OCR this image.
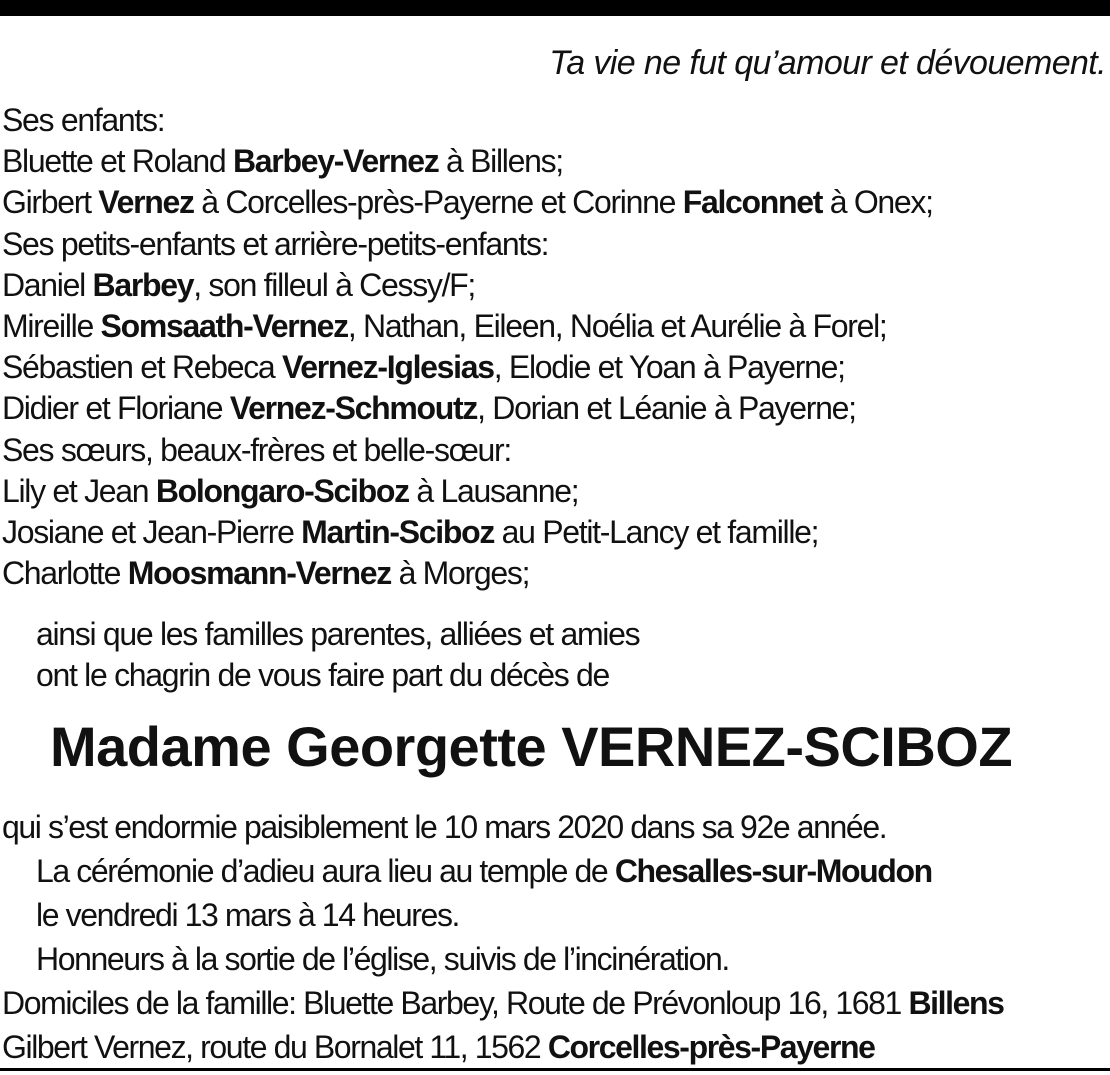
Ta vie ne fut qu’amour et dévouement.
Ses enfants:
Bluette et Roland Barbey-Vernez à Billens;
Girbert Vernez à Corcelles-près-Payerne et Corinne Falconnet à Onex;
Ses petits-enfants et arrière-petits-enfants:
Daniel Barbey, son filleul à Cessy/F;
Mireille Somsaath-Vernez, Nathan, Eileen, Noélia et Aurélie à Forel;
Sébastien et Rebeca Vernez-Iglesias, Elodie et Yoan à Payerne;
Didier et Floriane Vernez-Schmoutz, Dorian et Léanie à Payerne;
Ses sœurs, beaux-frères et belle-sœur:
Lily et Jean Bolongaro-Sciboz à Lausanne;
Josiane et Jean-Pierre Martin-Sciboz au Petit-Lancy et famille;
Charlotte Moosmann-Vernez à Morges;
ainsi que les familles parentes, alliées et amies
ont le chagrin de vous faire part du décès de
Madame Georgette VERNEZ-SCIBOZ
qui s’est endormie paisiblement le 10 mars 2020 dans sa 92e année.
La cérémonie d’adieu aura lieu au temple de Chesalles-sur-Moudon
le vendredi 13 mars à 14 heures.
Honneurs à la sortie de l’église, suivis de l’incinération.
Domiciles de la famille: Bluette Barbey, Route de Prévonloup 16, 1681 Billens
Gilbert Vernez, route du Bornalet 11, 1562 Corcelles-près-Payerne
